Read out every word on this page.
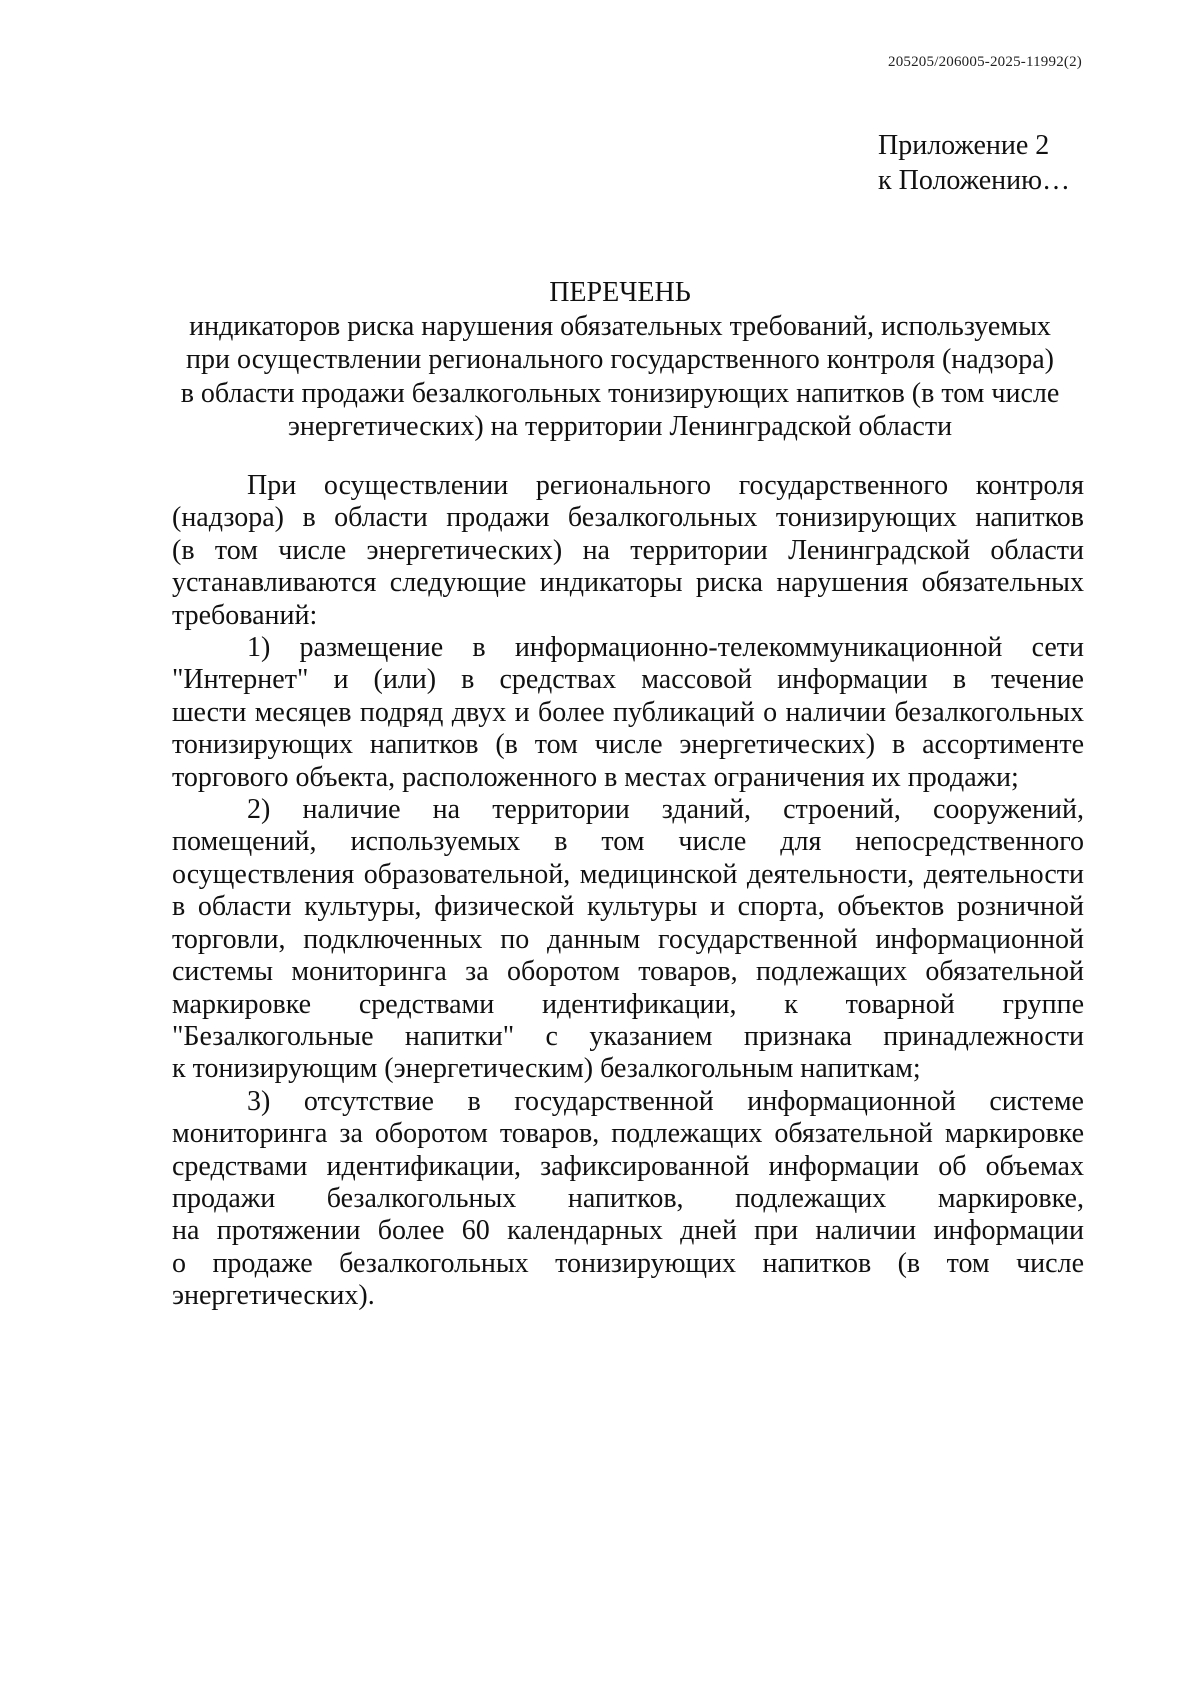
205205/206005-2025-11992(2)
Приложение 2
к Положению…
ПЕРЕЧЕНЬ
индикаторов риска нарушения обязательных требований, используемых
при осуществлении регионального государственного контроля (надзора)
в области продажи безалкогольных тонизирующих напитков (в том числе
энергетических) на территории Ленинградской области
При осуществлении регионального государственного контроля
(надзора) в области продажи безалкогольных тонизирующих напитков
(в том числе энергетических) на территории Ленинградской области
устанавливаются следующие индикаторы риска нарушения обязательных
требований:
1) размещение в информационно-телекоммуникационной сети
"Интернет" и (или) в средствах массовой информации в течение
шести месяцев подряд двух и более публикаций о наличии безалкогольных
тонизирующих напитков (в том числе энергетических) в ассортименте
торгового объекта, расположенного в местах ограничения их продажи;
2) наличие на территории зданий, строений, сооружений,
помещений, используемых в том числе для непосредственного
осуществления образовательной, медицинской деятельности, деятельности
в области культуры, физической культуры и спорта, объектов розничной
торговли, подключенных по данным государственной информационной
системы мониторинга за оборотом товаров, подлежащих обязательной
маркировке средствами идентификации, к товарной группе
"Безалкогольные напитки" с указанием признака принадлежности
к тонизирующим (энергетическим) безалкогольным напиткам;
3) отсутствие в государственной информационной системе
мониторинга за оборотом товаров, подлежащих обязательной маркировке
средствами идентификации, зафиксированной информации об объемах
продажи безалкогольных напитков, подлежащих маркировке,
на протяжении более 60 календарных дней при наличии информации
о продаже безалкогольных тонизирующих напитков (в том числе
энергетических).
